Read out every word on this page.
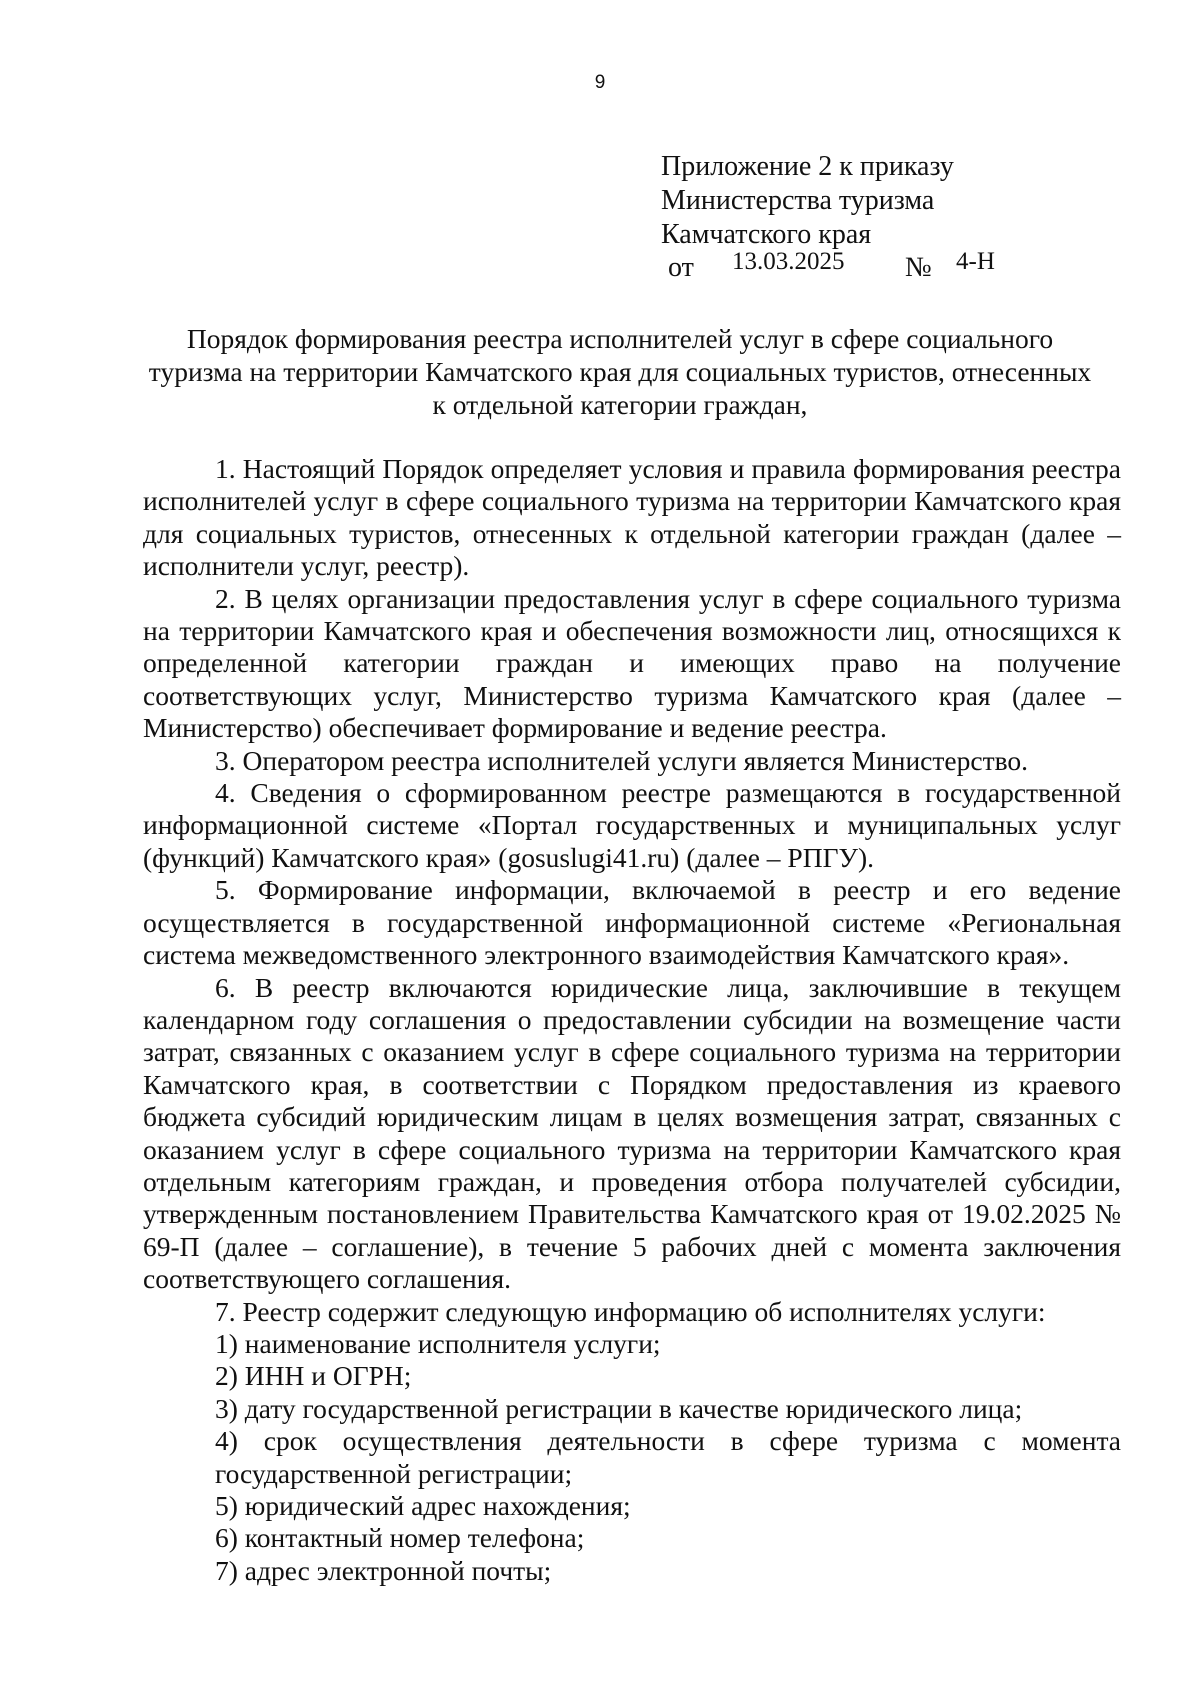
9
Приложение 2 к приказу
Министерства туризма
Камчатского края
от 13.03.2025 № 4-Н
Порядок формирования реестра исполнителей услуг в сфере социального
туризма на территории Камчатского края для социальных туристов, отнесенных
к отдельной категории граждан,

1. Настоящий Порядок определяет условия и правила формирования реестра исполнителей услуг в сфере социального туризма на территории Камчатского края для социальных туристов, отнесенных к отдельной категории граждан (далее – исполнители услуг, реестр).

2. В целях организации предоставления услуг в сфере социального туризма на территории Камчатского края и обеспечения возможности лиц, относящихся к определенной категории граждан и имеющих право на получение соответствующих услуг, Министерство туризма Камчатского края (далее – Министерство) обеспечивает формирование и ведение реестра.

3. Оператором реестра исполнителей услуги является Министерство.

4. Сведения о сформированном реестре размещаются в государственной информационной системе «Портал государственных и муниципальных услуг (функций) Камчатского края» (gosuslugi41.ru) (далее – РПГУ).

5. Формирование информации, включаемой в реестр и его ведение осуществляется в государственной информационной системе «Региональная система межведомственного электронного взаимодействия Камчатского края».

6. В реестр включаются юридические лица, заключившие в текущем календарном году соглашения о предоставлении субсидии на возмещение части затрат, связанных с оказанием услуг в сфере социального туризма на территории Камчатского края, в соответствии с Порядком предоставления из краевого бюджета субсидий юридическим лицам в целях возмещения затрат, связанных с оказанием услуг в сфере социального туризма на территории Камчатского края отдельным категориям граждан, и проведения отбора получателей субсидии, утвержденным постановлением Правительства Камчатского края от 19.02.2025 № 69-П (далее – соглашение), в течение 5 рабочих дней с момента заключения соответствующего соглашения.

7. Реестр содержит следующую информацию об исполнителях услуги:

1) наименование исполнителя услуги;

2) ИНН и ОГРН;

3) дату государственной регистрации в качестве юридического лица;

4) срок осуществления деятельности в сфере туризма с момента государственной регистрации;

5) юридический адрес нахождения;

6) контактный номер телефона;

7) адрес электронной почты;
